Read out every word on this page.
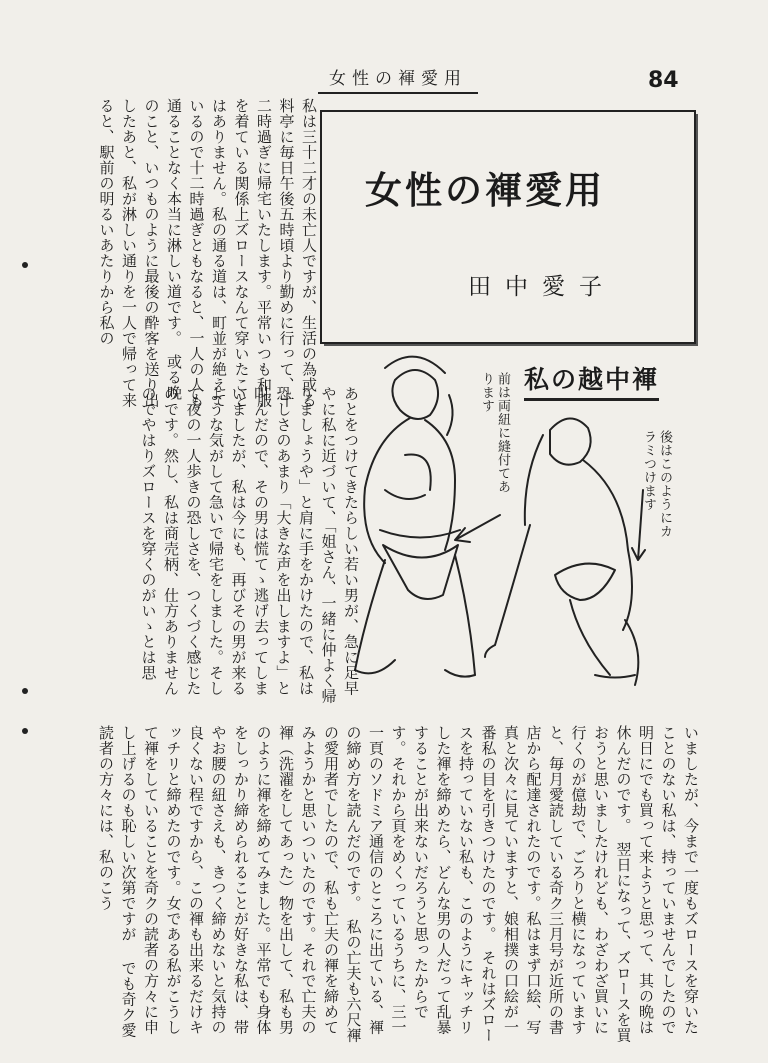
女性の褌愛用	84
女性の褌愛用
田中愛子
私の越中褌
前は両紐に縫付てあります
後はこのようにカラミつけます
私は三十二才の未亡人ですが、生活の為或る料亭に毎日午後五時頃より勤めに行って、十二時過ぎに帰宅いたします。平常いつも和服を着ている関係上ズロースなんて穿いたことはありません。私の通る道は、町並が絶えているので十二時過ぎともなると、一人の人も通ることなく本当に淋しい道です。　或る晩のこと、いつものように最後の酔客を送り出したあと、私が淋しい通りを一人で帰って来ると、駅前の明るいあたりから私の
あとをつけてきたらしい若い男が、急に足早やに私に近づいて、「姐さん、一緒に仲よく帰りましょうや」と肩に手をかけたので、私は恐しさのあまり「大きな声を出しますよ」と叫んだので、その男は慌てゝ逃げ去ってしまいましたが、私は今にも、再びその男が来るような気がして急いで帰宅をしました。そして夜の一人歩きの恐しさを、つくづく感じたのです。然し、私は商売柄、仕方ありませんのでやはりズロースを穿くのがいゝとは思
いましたが、今まで一度もズロースを穿いたことのない私は、持っていませんでしたので明日にでも買って来ようと思って、其の晩は休んだのです。　翌日になって、ズロースを買おうと思いましたけれども、わざわざ買いに行くのが億劫で、ごろりと横になっていますと、毎月愛読している奇ク三月号が近所の書店から配達されたのです。私はまず口絵、写真と次々に見ていますと、娘相撲の口絵が一番私の目を引きつけたのです。　それはズロースを持っていない私も、このようにキッチリした褌を締めたら、どんな男の人だって乱暴することが出来ないだろうと思ったからです。それから頁をめくっているうちに、三一一頁のソドミア通信のところに出ている、褌の締め方を読んだのです。　私の亡夫も六尺褌の愛用者でしたので、私も亡夫の褌を締めてみようかと思いついたのです。それで亡夫の褌（洗濯をしてあった）物を出して、私も男のように褌を締めてみました。平常でも身体をしっかり締められることが好きな私は、帯やお腰の紐さえも、きつく締めないと気持の良くない程ですから、この褌も出来るだけキッチリと締めたのです。女である私がこうして褌をしていることを奇クの読者の方々に申し上げるのも恥しい次第ですが でも奇ク愛読者の方々には、私のこう
